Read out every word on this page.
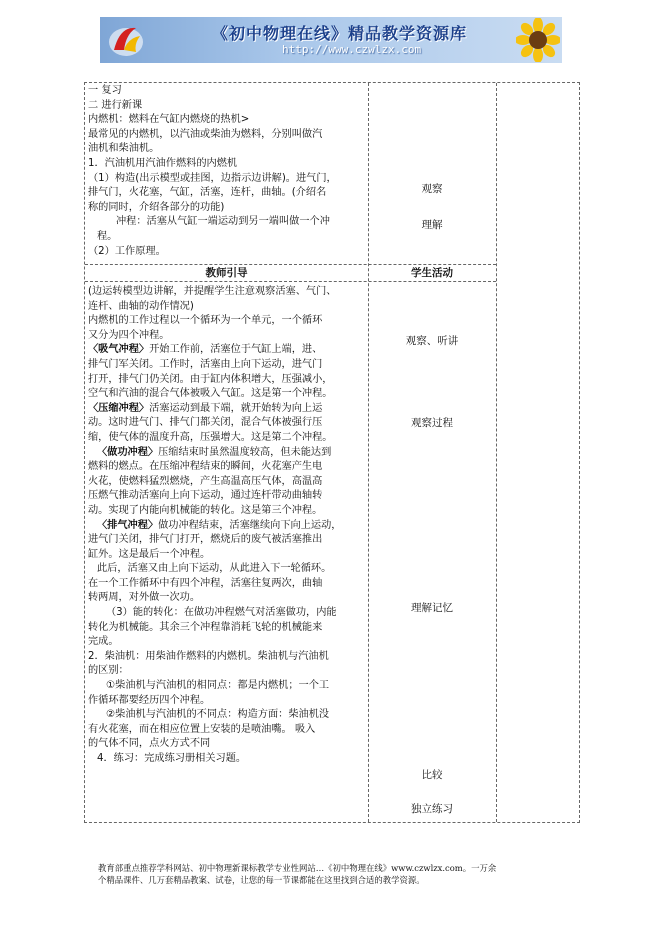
《初中物理在线》精品教学资源库
http://www.czwlzx.com
一 复习
二 进行新课
内燃机：燃料在气缸内燃烧的热机>
最常见的内燃机，以汽油或柴油为燃料，分别叫做汽
油机和柴油机。
1．汽油机用汽油作燃料的内燃机
（1）构造(出示模型或挂图，边指示边讲解)。进气门，
排气门，火花塞，气缸，活塞，连杆，曲轴。(介绍名
称的同时，介绍各部分的功能)
冲程：活塞从气缸一端运动到另一端叫做一个冲
程。
（2）工作原理。
观察
理解
教师引导	学生活动
(边运转模型边讲解，并提醒学生注意观察活塞、气门、
连杆、曲轴的动作情况)
内燃机的工作过程以一个循环为一个单元，一个循环
又分为四个冲程。
〈吸气冲程〉开始工作前，活塞位于气缸上端，进、
排气门军关闭。工作时，活塞由上向下运动，进气门
打开，排气门仍关闭。由于缸内体积增大，压强减小，
空气和汽油的混合气体被吸入气缸。这是第一个冲程。
〈压缩冲程〉活塞运动到最下端，就开始转为向上运
动。这时进气门、排气门都关闭，混合气体被强行压
缩，使气体的温度升高，压强增大。这是第二个冲程。
〈做功冲程〉压缩结束时虽然温度较高，但未能达到
燃料的燃点。在压缩冲程结束的瞬间，火花塞产生电
火花，使燃料猛烈燃烧，产生高温高压气体，高温高
压燃气推动活塞向上向下运动，通过连杆带动曲轴转
动。实现了内能向机械能的转化。这是第三个冲程。
〈排气冲程〉做功冲程结束，活塞继续向下向上运动，
进气门关闭，排气门打开，燃烧后的废气被活塞推出
缸外。这是最后一个冲程。
此后，活塞又由上向下运动，从此进入下一轮循环。
在一个工作循环中有四个冲程，活塞往复两次，曲轴
转两周，对外做一次功。
（3）能的转化：在做功冲程燃气对活塞做功，内能
转化为机械能。其余三个冲程靠消耗飞轮的机械能来
完成。
2．柴油机：用柴油作燃料的内燃机。柴油机与汽油机
的区别：
①柴油机与汽油机的相同点：都是内燃机；一个工
作循环都要经历四个冲程。
②柴油机与汽油机的不同点：构造方面：柴油机没
有火花塞，而在相应位置上安装的是喷油嘴。 吸入
的气体不同，点火方式不同
4．练习：完成练习册相关习题。
观察、听讲
观察过程
理解记忆
比较
独立练习
教育部重点推荐学科网站、初中物理新课标教学专业性网站…《初中物理在线》www.czwlzx.com。一万余
个精品课件、几万套精品教案、试卷，让您的每一节课都能在这里找到合适的教学资源。
